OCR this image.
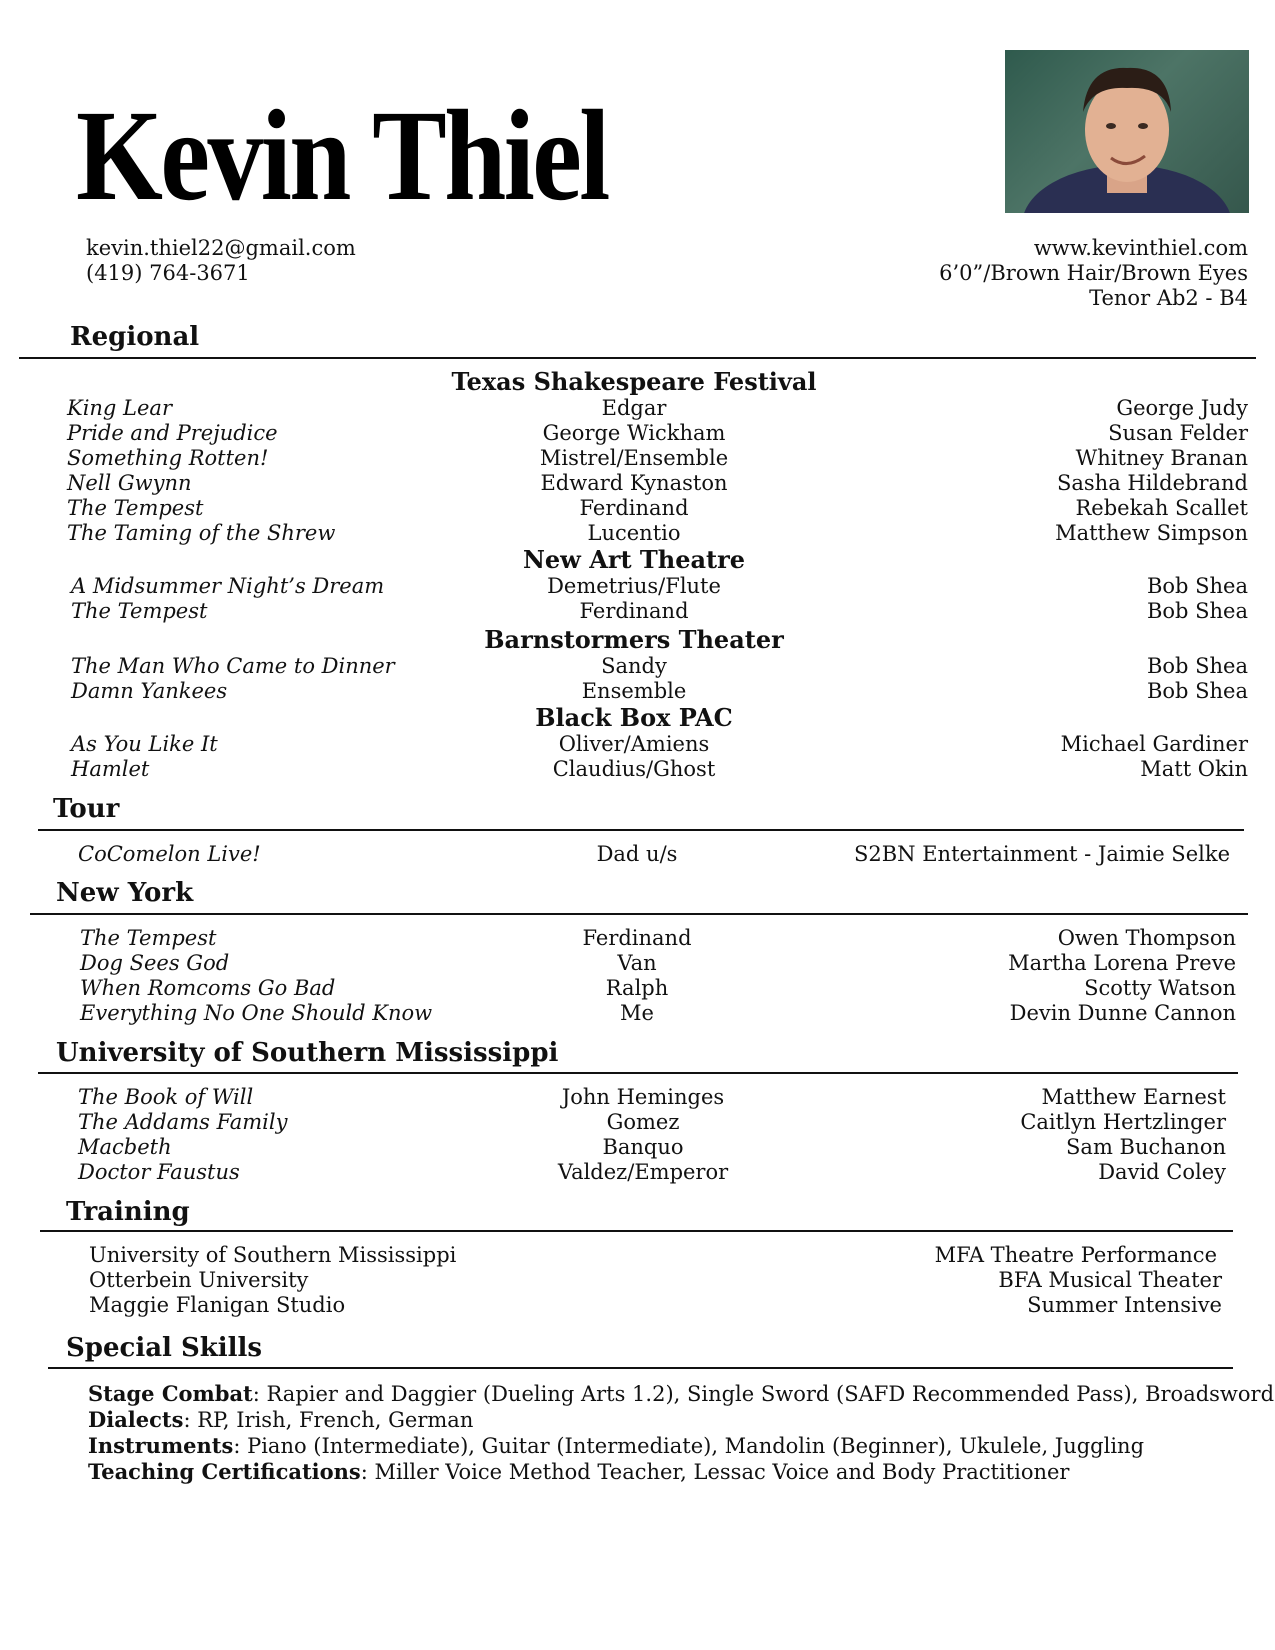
Kevin Thiel
kevin.thiel22@gmail.com
(419) 764-3671
www.kevinthiel.com
6’0”/Brown Hair/Brown Eyes
Tenor Ab2 - B4
Regional
Texas Shakespeare Festival
King Lear	Edgar	George Judy
Pride and Prejudice	George Wickham	Susan Felder
Something Rotten!	Mistrel/Ensemble	Whitney Branan
Nell Gwynn	Edward Kynaston	Sasha Hildebrand
The Tempest	Ferdinand	Rebekah Scallet
The Taming of the Shrew	Lucentio	Matthew Simpson
New Art Theatre
A Midsummer Night’s Dream	Demetrius/Flute	Bob Shea
The Tempest	Ferdinand	Bob Shea
Barnstormers Theater
The Man Who Came to Dinner	Sandy	Bob Shea
Damn Yankees	Ensemble	Bob Shea
Black Box PAC
As You Like It	Oliver/Amiens	Michael Gardiner
Hamlet	Claudius/Ghost	Matt Okin
Tour
CoComelon Live!	Dad u/s	S2BN Entertainment - Jaimie Selke
New York
The Tempest	Ferdinand	Owen Thompson
Dog Sees God	Van	Martha Lorena Preve
When Romcoms Go Bad	Ralph	Scotty Watson
Everything No One Should Know	Me	Devin Dunne Cannon
University of Southern Mississippi
The Book of Will	John Heminges	Matthew Earnest
The Addams Family	Gomez	Caitlyn Hertzlinger
Macbeth	Banquo	Sam Buchanon
Doctor Faustus	Valdez/Emperor	David Coley
Training
University of Southern Mississippi	MFA Theatre Performance
Otterbein University	BFA Musical Theater
Maggie Flanigan Studio	Summer Intensive
Special Skills
Stage Combat: Rapier and Daggier (Dueling Arts 1.2), Single Sword (SAFD Recommended Pass), Broadsword
Dialects: RP, Irish, French, German
Instruments: Piano (Intermediate), Guitar (Intermediate), Mandolin (Beginner), Ukulele, Juggling
Teaching Certifications: Miller Voice Method Teacher, Lessac Voice and Body Practitioner
